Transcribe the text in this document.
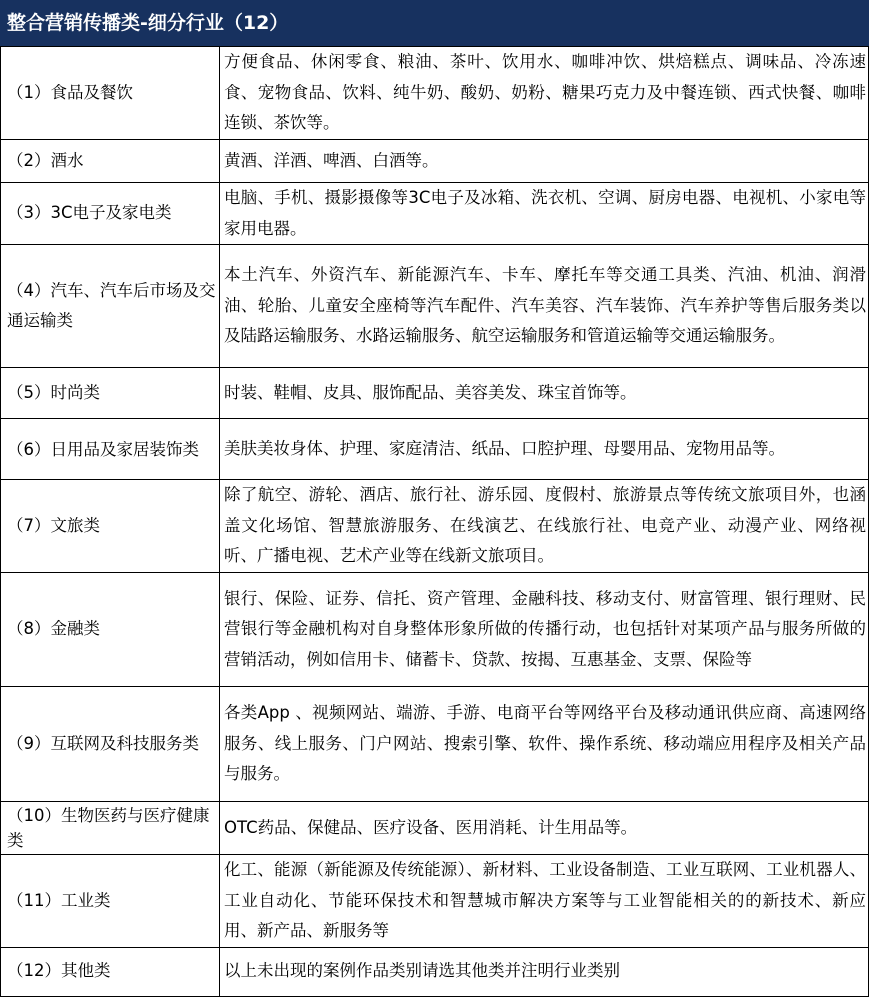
整合营销传播类-细分行业（12）
（1）食品及餐饮	方便食品、休闲零食、粮油、茶叶、饮用水、咖啡冲饮、烘焙糕点、调味品、冷冻速食、宠物食品、饮料、纯牛奶、酸奶、奶粉、糖果巧克力及中餐连锁、西式快餐、咖啡连锁、茶饮等。
（2）酒水	黄酒、洋酒、啤酒、白酒等。
（3）3C电子及家电类	电脑、手机、摄影摄像等3C电子及冰箱、洗衣机、空调、厨房电器、电视机、小家电等家用电器。
（4）汽车、汽车后市场及交通运输类	本土汽车、外资汽车、新能源汽车、卡车、摩托车等交通工具类、汽油、机油、润滑油、轮胎、儿童安全座椅等汽车配件、汽车美容、汽车装饰、汽车养护等售后服务类以及陆路运输服务、水路运输服务、航空运输服务和管道运输等交通运输服务。
（5）时尚类	时装、鞋帽、皮具、服饰配品、美容美发、珠宝首饰等。
（6）日用品及家居装饰类	美肤美妆身体、护理、家庭清洁、纸品、口腔护理、母婴用品、宠物用品等。
（7）文旅类	除了航空、游轮、酒店、旅行社、游乐园、度假村、旅游景点等传统文旅项目外，也涵盖文化场馆、智慧旅游服务、在线演艺、在线旅行社、电竞产业、动漫产业、网络视听、广播电视、艺术产业等在线新文旅项目。
（8）金融类	银行、保险、证券、信托、资产管理、金融科技、移动支付、财富管理、银行理财、民营银行等金融机构对自身整体形象所做的传播行动，也包括针对某项产品与服务所做的营销活动，例如信用卡、储蓄卡、贷款、按揭、互惠基金、支票、保险等
（9）互联网及科技服务类	各类App 、视频网站、端游、手游、电商平台等网络平台及移动通讯供应商、高速网络服务、线上服务、门户网站、搜索引擎、软件、操作系统、移动端应用程序及相关产品与服务。
（10）生物医药与医疗健康类	OTC药品、保健品、医疗设备、医用消耗、计生用品等。
（11）工业类	化工、能源（新能源及传统能源）、新材料、工业设备制造、工业互联网、工业机器人、工业自动化、节能环保技术和智慧城市解决方案等与工业智能相关的的新技术、新应用、新产品、新服务等
（12）其他类	以上未出现的案例作品类别请选其他类并注明行业类别
